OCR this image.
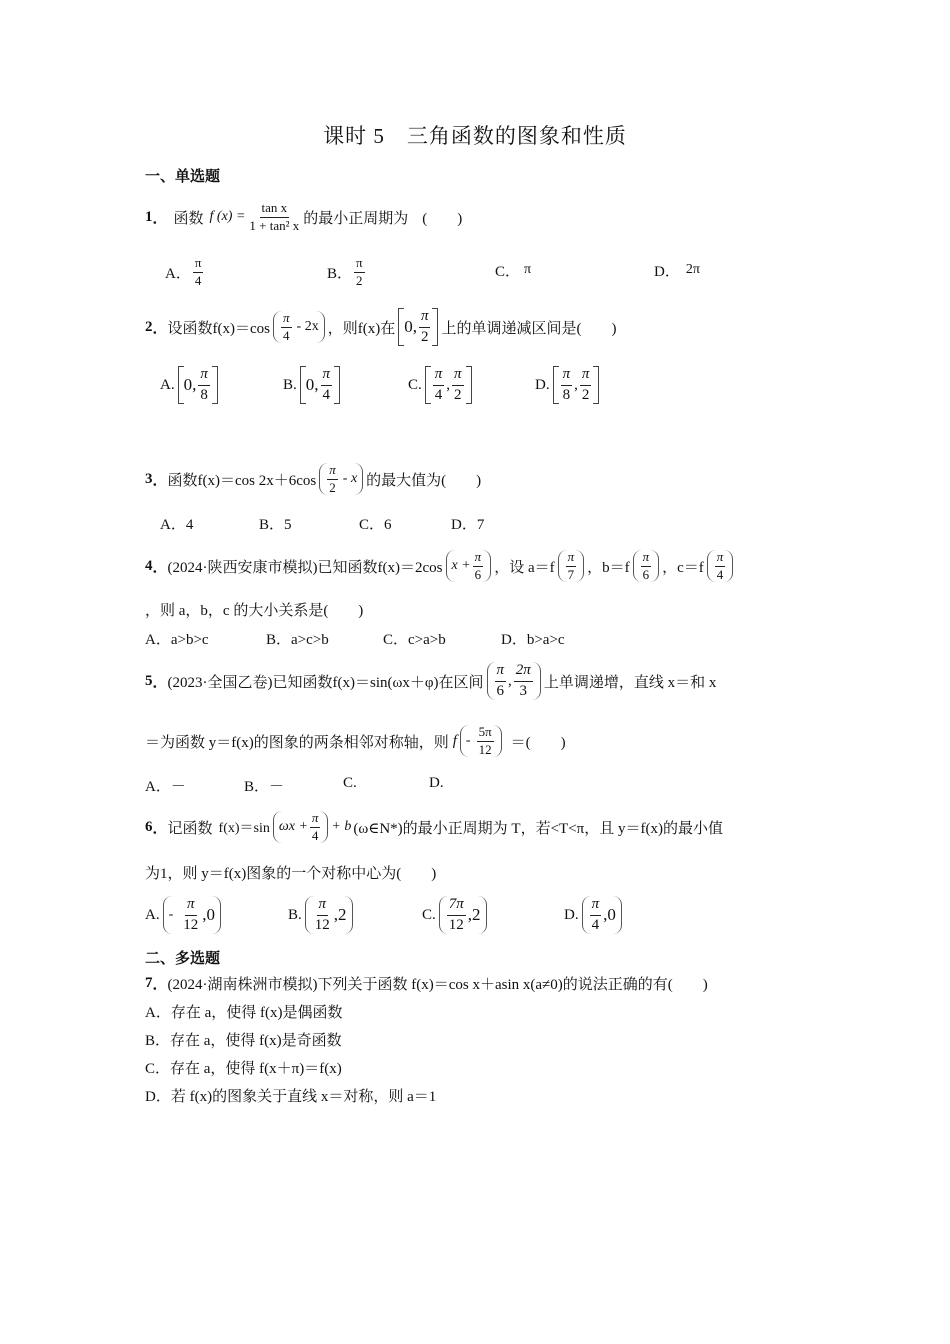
课时 5　三角函数的图象和性质
一、单选题
1 ． 函数 f $(x) = \frac{\text{tan x}}{\text{1 + tan² x}}$ 的最小正周期为 (　　)
A． $\frac{\pi}{4}$	B． $\frac{\pi}{2}$	C． π	D． 2π
2 ． 设函数 $f(x)=\cos \frac{\pi}{4} - 2x$ ，则 f(x)在 0, $\frac{\pi}{2}$ 上的单调递减区间是(　　)
A. 0, $\frac{\pi}{8}$	B. 0, $\frac{\pi}{4}$	C. $\frac{\pi}{4}$ , $\frac{\pi}{2}$	D. $\frac{\pi}{8}$ , $\frac{\pi}{2}$
3 ． 函数 f(x)＝cos $2x+6\cos \frac{\pi}{2} - x$ 的最大值为(　　)
A．4	B．5	C．6	D．7
4 ． (2024·陕西安康市模拟)已知函数 f(x)＝2cos $x + \frac{\pi}{6}$ ，设 $a=f \frac{\pi}{7}$ ，$b=f \frac{\pi}{6}$ ，$c=f \frac{\pi}{4}$
，则 a，b，c 的大小关系是(　　)
A．a>b>c	B．a>c>b	C．c>a>b	D．b>a>c
5 ． (2023·全国乙卷)已知函数 f(x)＝sin(ωx＋φ)在区间 $\frac{\pi}{6}$ , $\frac{2\pi}{3}$ 上单调递增，直线 x＝和 x
＝为函数 y＝f(x)的图象的两条相邻对称轴，则 f - $\frac{5\pi}{12}$ ＝(　　)
A．－	B．－	C.	D.
6 ． 记函数 f(x)＝sin $\omega x + \frac{\pi}{4} + b$ (ω∈N*)的最小正周期为 T，若<T<π，且 y＝f(x)的最小值
为1，则 y＝f(x)图象的一个对称中心为(　　)
A. - $\frac{\pi}{12} ,0$	B. $\frac{\pi}{12} ,2$	C. $\frac{7\pi}{12} ,2$	D. $\frac{\pi}{4} ,0$
二、多选题
7 ． (2024·湖南株洲市模拟)下列关于函数 f(x)＝cos x＋asin x(a≠0)的说法正确的有(　　)
A．存在 a，使得 f(x)是偶函数
B．存在 a，使得 f(x)是奇函数
C．存在 a，使得 f(x＋π)＝f(x)
D．若 f(x)的图象关于直线 x＝对称，则 a＝1
